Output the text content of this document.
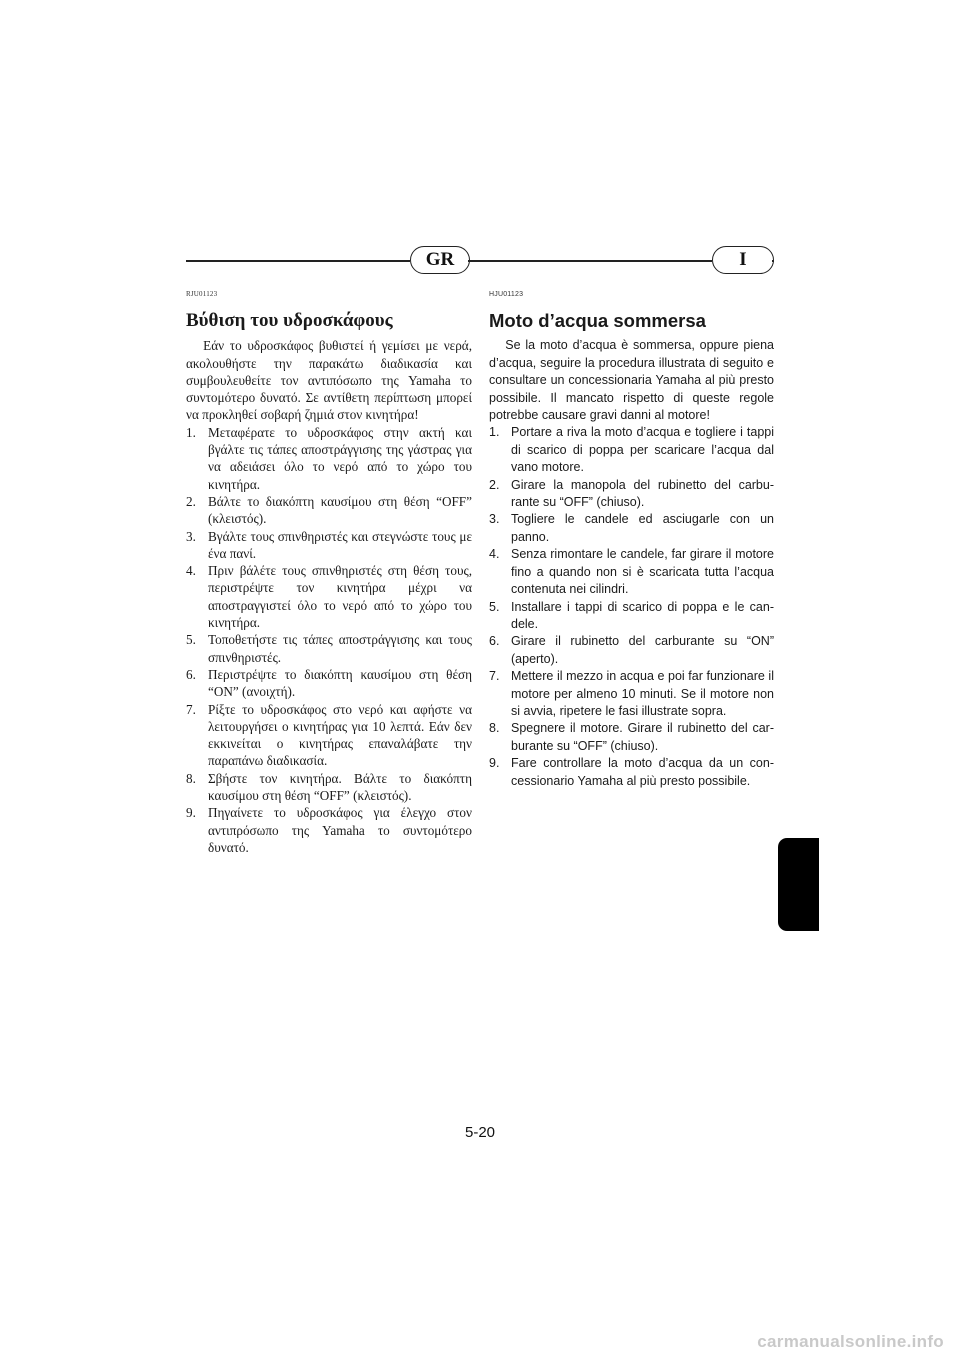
GR	I
RJU01123
Βύθιση του υδροσκάφους

Εάν το υδροσκάφος βυθιστεί ή γεμίσει με νερά, ακολουθήστε την παρακάτω διαδικασία και συμβουλευθείτε τον αντιπόσωπο της Yamaha το συντομότερο δυνατό. Σε αντίθετη περίπτωση μπορεί να προκληθεί σοβαρή ζημιά στον κινητήρα!

1. Μεταφέρατε το υδροσκάφος στην ακτή και βγάλτε τις τάπες αποστράγγισης της γάστρας για να αδειάσει όλο το νερό από το χώρο του κινητήρα.
2. Βάλτε το διακόπτη καυσίμου στη θέση “OFF” (κλειστός).
3. Βγάλτε τους σπινθηριστές και στεγνώστε τους με ένα πανί.
4. Πριν βάλέτε τους σπινθηριστές στη θέση τους, περιστρέψτε τον κινητήρα μέχρι να αποστραγγιστεί όλο το νερό από το χώρο του κινητήρα.
5. Τοποθετήστε τις τάπες αποστράγγισης και τους σπινθηριστές.
6. Περιστρέψτε το διακόπτη καυσίμου στη θέση “ON” (ανοιχτή).
7. Ρίξτε το υδροσκάφος στο νερό και αφήστε να λειτουργήσει ο κινητήρας για 10 λεπτά. Εάν δεν εκκινείται ο κινητήρας επαναλάβατε την παραπάνω διαδικασία.
8. Σβήστε τον κινητήρα. Βάλτε το διακόπτη καυσίμου στη θέση “OFF” (κλειστός).
9. Πηγαίνετε το υδροσκάφος για έλεγχο στον αντιπρόσωπο της Yamaha το συντομότερο δυνατό.
HJU01123
Moto d’acqua sommersa

Se la moto d’acqua è sommersa, oppure piena d’acqua, seguire la procedura illustrata di seguito e consultare un concessionaria Yamaha al più presto possibile. Il mancato rispetto di queste regole potrebbe causare gravi danni al motore!

1. Portare a riva la moto d’acqua e togliere i tappi di scarico di poppa per scaricare l’acqua dal vano motore.
2. Girare la manopola del rubinetto del carbu-rante su “OFF” (chiuso).
3. Togliere le candele ed asciugarle con un panno.
4. Senza rimontare le candele, far girare il motore fino a quando non si è scaricata tutta l’acqua contenuta nei cilindri.
5. Installare i tappi di scarico di poppa e le can-dele.
6. Girare il rubinetto del carburante su “ON” (aperto).
7. Mettere il mezzo in acqua e poi far funzionare il motore per almeno 10 minuti. Se il motore non si avvia, ripetere le fasi illustrate sopra.
8. Spegnere il motore. Girare il rubinetto del car-burante su “OFF” (chiuso).
9. Fare controllare la moto d’acqua da un con-cessionario Yamaha al più presto possibile.
5-20
carmanualsonline.info
